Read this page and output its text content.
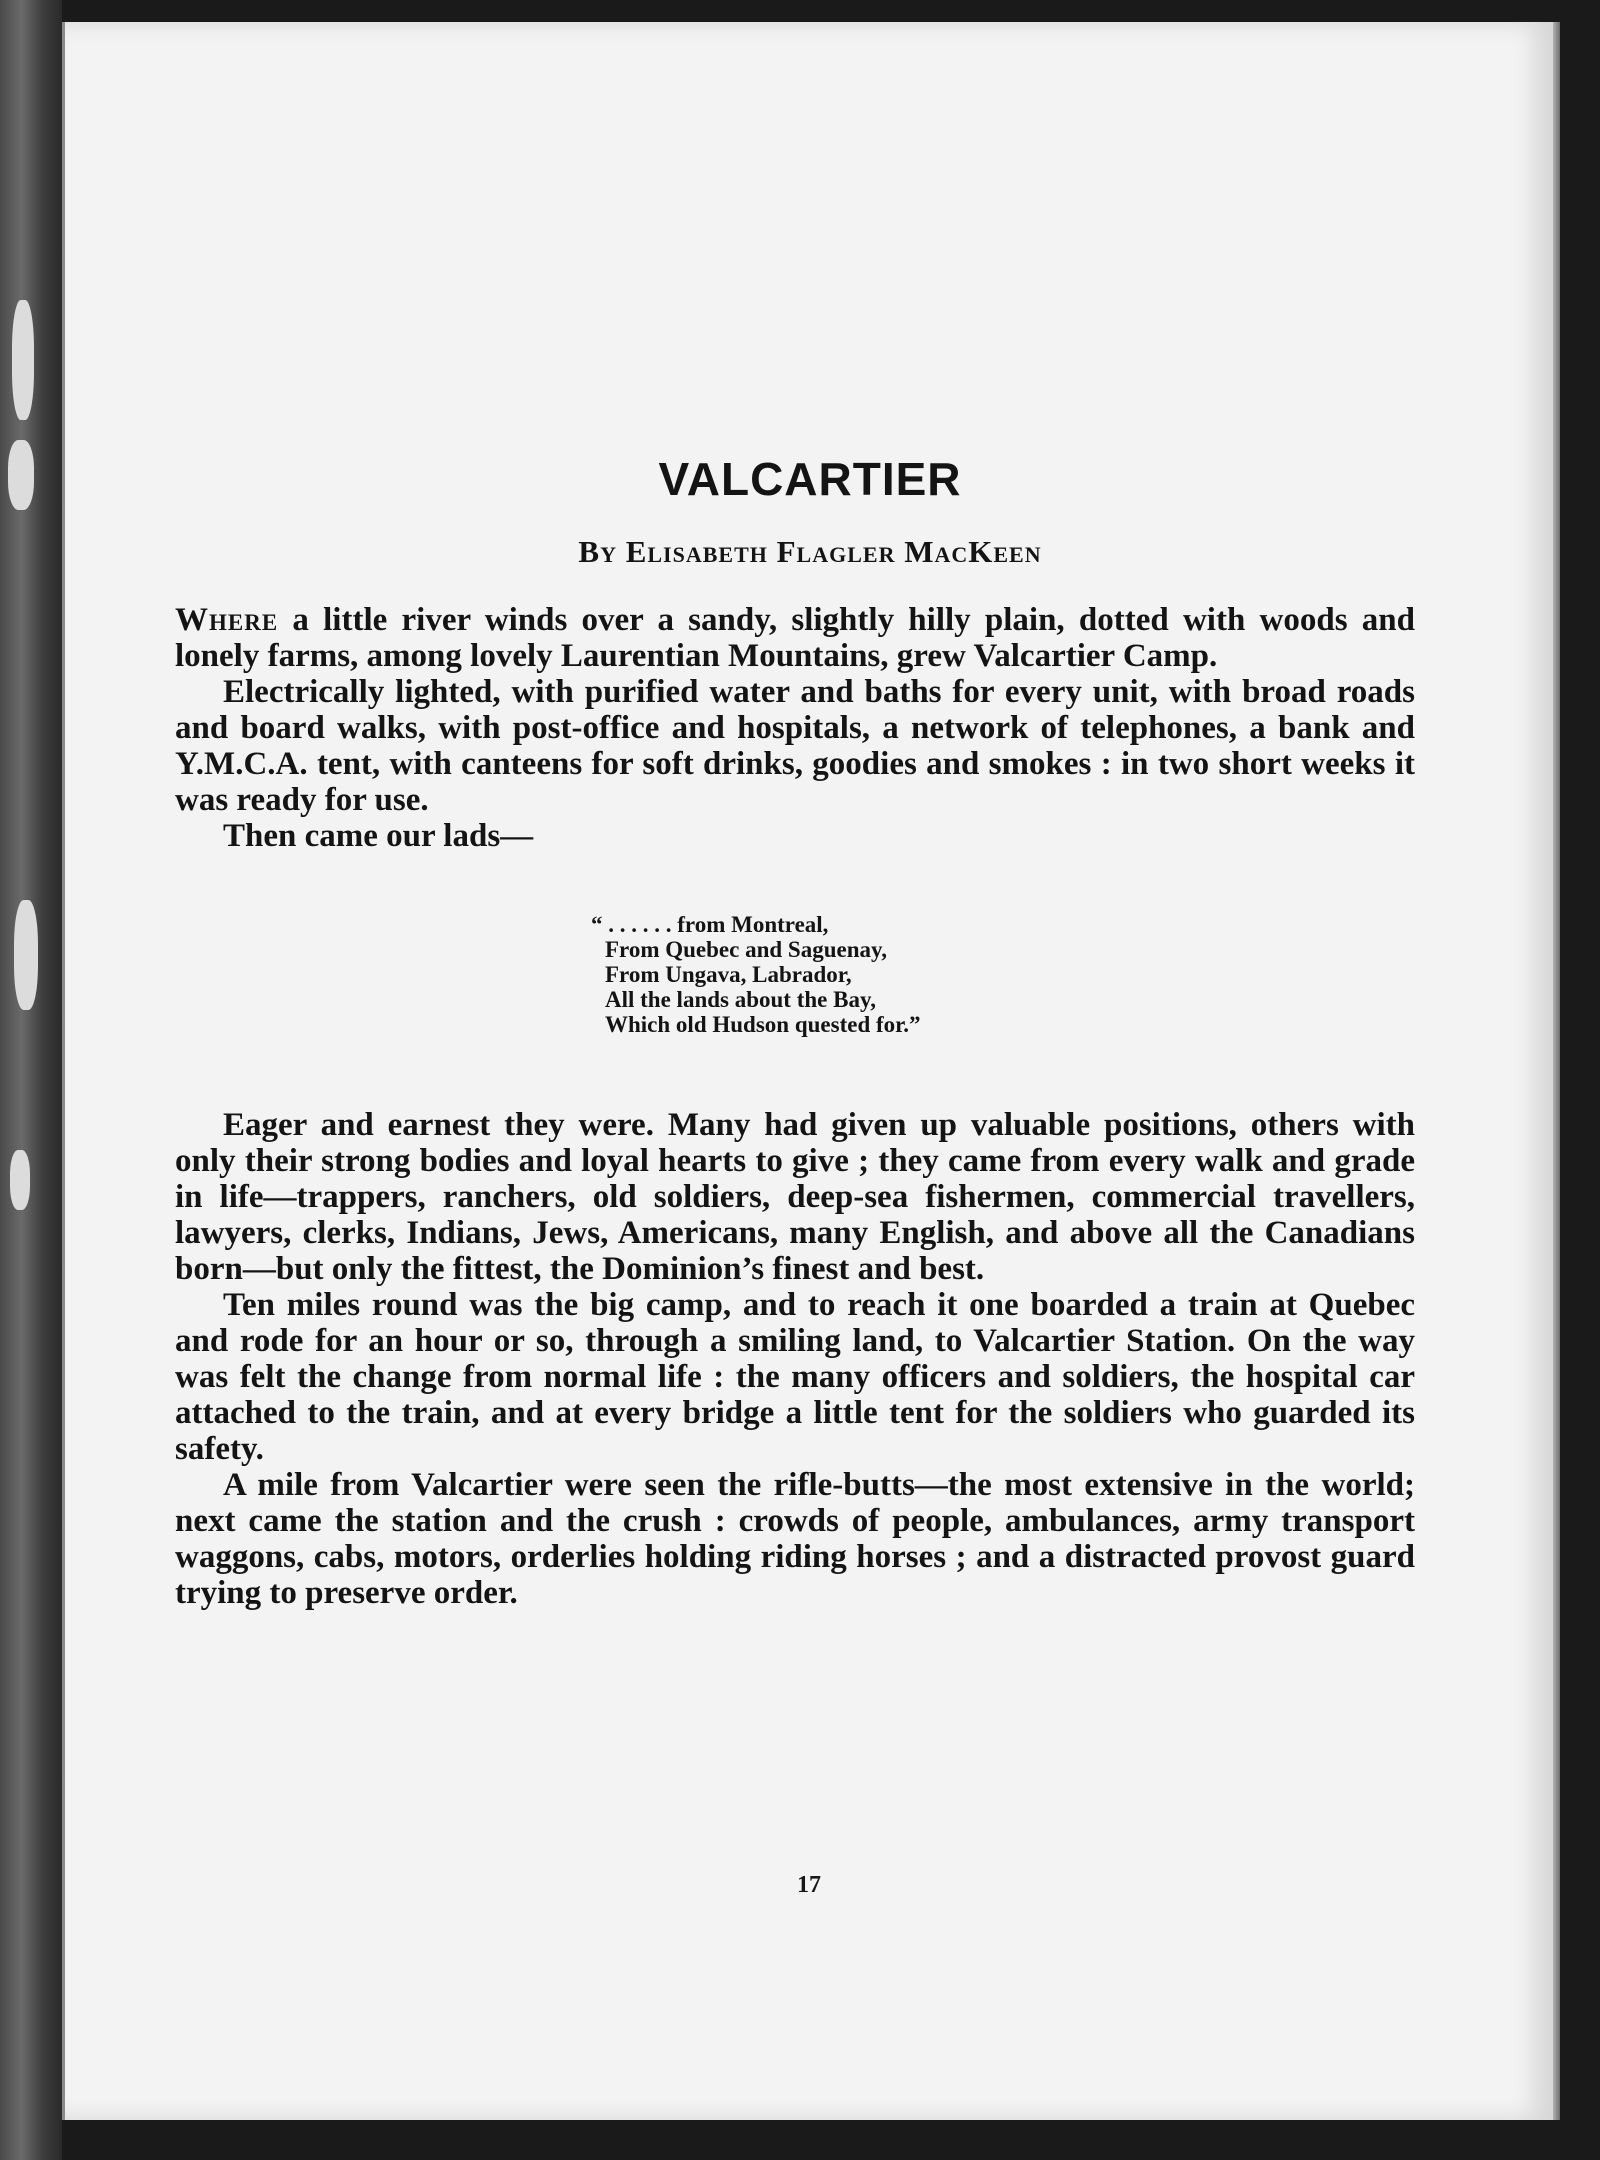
VALCARTIER
By Elisabeth Flagler MacKeen

Where a little river winds over a sandy, slightly hilly plain, dotted with woods and lonely farms, among lovely Laurentian Mountains, grew Valcartier Camp.

Electrically lighted, with purified water and baths for every unit, with broad roads and board walks, with post-office and hospitals, a network of telephones, a bank and Y.M.C.A. tent, with canteens for soft drinks, goodies and smokes : in two short weeks it was ready for use.

Then came our lads—

“ . . . . . . from Montreal,
From Quebec and Saguenay,
From Ungava, Labrador,
All the lands about the Bay,
Which old Hudson quested for.”

Eager and earnest they were. Many had given up valuable positions, others with only their strong bodies and loyal hearts to give ; they came from every walk and grade in life—trappers, ranchers, old soldiers, deep-sea fishermen, commercial travellers, lawyers, clerks, Indians, Jews, Americans, many English, and above all the Canadians born—but only the fittest, the Dominion’s finest and best.

Ten miles round was the big camp, and to reach it one boarded a train at Quebec and rode for an hour or so, through a smiling land, to Valcartier Station. On the way was felt the change from normal life : the many officers and soldiers, the hospital car attached to the train, and at every bridge a little tent for the soldiers who guarded its safety.

A mile from Valcartier were seen the rifle-butts—the most extensive in the world; next came the station and the crush : crowds of people, ambulances, army transport waggons, cabs, motors, orderlies holding riding horses ; and a distracted provost guard trying to preserve order.

17
